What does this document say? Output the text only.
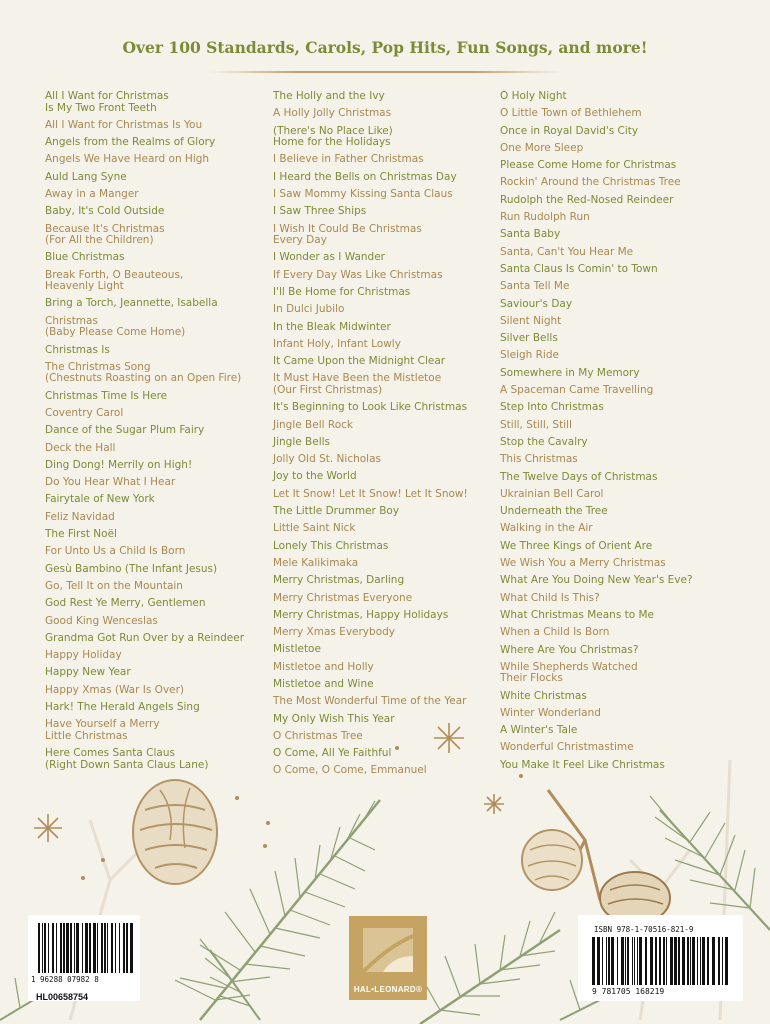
Over 100 Standards, Carols, Pop Hits, Fun Songs, and more!
All I Want for Christmas
Is My Two Front Teeth
All I Want for Christmas Is You
Angels from the Realms of Glory
Angels We Have Heard on High
Auld Lang Syne
Away in a Manger
Baby, It's Cold Outside
Because It's Christmas
(For All the Children)
Blue Christmas
Break Forth, O Beauteous,
Heavenly Light
Bring a Torch, Jeannette, Isabella
Christmas
(Baby Please Come Home)
Christmas Is
The Christmas Song
(Chestnuts Roasting on an Open Fire)
Christmas Time Is Here
Coventry Carol
Dance of the Sugar Plum Fairy
Deck the Hall
Ding Dong! Merrily on High!
Do You Hear What I Hear
Fairytale of New York
Feliz Navidad
The First Noël
For Unto Us a Child Is Born
Gesù Bambino (The Infant Jesus)
Go, Tell It on the Mountain
God Rest Ye Merry, Gentlemen
Good King Wenceslas
Grandma Got Run Over by a Reindeer
Happy Holiday
Happy New Year
Happy Xmas (War Is Over)
Hark! The Herald Angels Sing
Have Yourself a Merry
Little Christmas
Here Comes Santa Claus
(Right Down Santa Claus Lane)
The Holly and the Ivy
A Holly Jolly Christmas
(There's No Place Like)
Home for the Holidays
I Believe in Father Christmas
I Heard the Bells on Christmas Day
I Saw Mommy Kissing Santa Claus
I Saw Three Ships
I Wish It Could Be Christmas
Every Day
I Wonder as I Wander
If Every Day Was Like Christmas
I'll Be Home for Christmas
In Dulci Jubilo
In the Bleak Midwinter
Infant Holy, Infant Lowly
It Came Upon the Midnight Clear
It Must Have Been the Mistletoe
(Our First Christmas)
It's Beginning to Look Like Christmas
Jingle Bell Rock
Jingle Bells
Jolly Old St. Nicholas
Joy to the World
Let It Snow! Let It Snow! Let It Snow!
The Little Drummer Boy
Little Saint Nick
Lonely This Christmas
Mele Kalikimaka
Merry Christmas, Darling
Merry Christmas Everyone
Merry Christmas, Happy Holidays
Merry Xmas Everybody
Mistletoe
Mistletoe and Holly
Mistletoe and Wine
The Most Wonderful Time of the Year
My Only Wish This Year
O Christmas Tree
O Come, All Ye Faithful
O Come, O Come, Emmanuel
O Holy Night
O Little Town of Bethlehem
Once in Royal David's City
One More Sleep
Please Come Home for Christmas
Rockin' Around the Christmas Tree
Rudolph the Red-Nosed Reindeer
Run Rudolph Run
Santa Baby
Santa, Can't You Hear Me
Santa Claus Is Comin' to Town
Santa Tell Me
Saviour's Day
Silent Night
Silver Bells
Sleigh Ride
Somewhere in My Memory
A Spaceman Came Travelling
Step Into Christmas
Still, Still, Still
Stop the Cavalry
This Christmas
The Twelve Days of Christmas
Ukrainian Bell Carol
Underneath the Tree
Walking in the Air
We Three Kings of Orient Are
We Wish You a Merry Christmas
What Are You Doing New Year's Eve?
What Child Is This?
What Christmas Means to Me
When a Child Is Born
Where Are You Christmas?
While Shepherds Watched
Their Flocks
White Christmas
Winter Wonderland
A Winter's Tale
Wonderful Christmastime
You Make It Feel Like Christmas
1 96288 07982 8
HL00658754
HAL•LEONARD®
ISBN 978-1-70516-821-9
9 781705 168219
